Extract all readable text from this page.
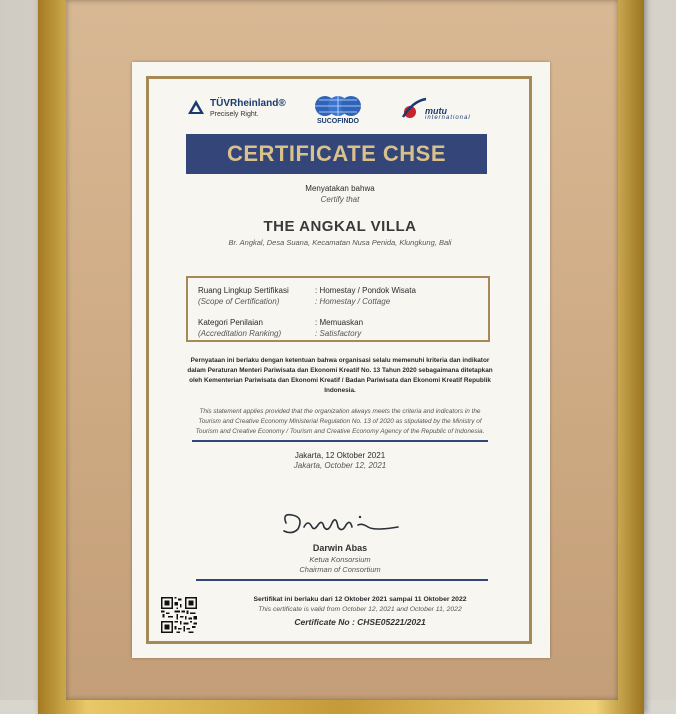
TÜVRheinland®
Precisely Right.
SUCOFINDO
mutu
international
CERTIFICATE CHSE
Menyatakan bahwa
Certify that
THE ANGKAL VILLA
Br. Angkal, Desa Suana, Kecamatan Nusa Penida, Klungkung, Bali
Ruang Lingkup Sertifikasi
(Scope of Certification)
: Homestay / Pondok Wisata
: Homestay / Cottage
Kategori Penilaian
(Accreditation Ranking)
: Memuaskan
: Satisfactory
Pernyataan ini berlaku dengan ketentuan bahwa organisasi selalu memenuhi kriteria dan indikator
dalam Peraturan Menteri Pariwisata dan Ekonomi Kreatif No. 13 Tahun 2020 sebagaimana ditetapkan
oleh Kementerian Pariwisata dan Ekonomi Kreatif / Badan Pariwisata dan Ekonomi Kreatif Republik
Indonesia.
This statement applies provided that the organization always meets the criteria and indicators in the
Tourism and Creative Economy Ministerial Regulation No. 13 of 2020 as stipulated by the Ministry of
Tourism and Creative Economy / Tourism and Creative Economy Agency of the Republic of Indonesia.
Jakarta, 12 Oktober 2021
Jakarta, October 12, 2021
Darwin Abas
Ketua Konsorsium
Chairman of Consortium
Sertifikat ini berlaku dari 12 Oktober 2021 sampai 11 Oktober 2022
This certificate is valid from October 12, 2021 and October 11, 2022
Certificate No : CHSE05221/2021
